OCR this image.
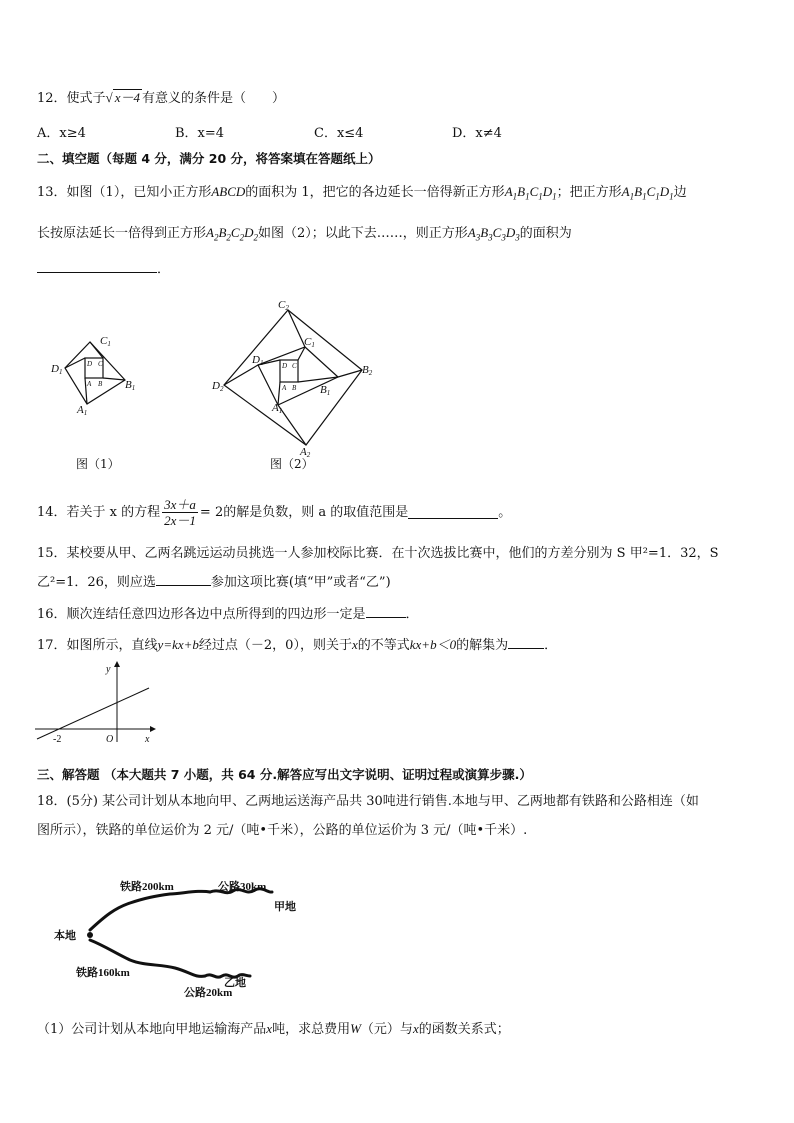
12．使式子√ x－4 有意义的条件是（　　）
A．x≥4	B．x=4	C．x≤4	D．x≠4
二、填空题（每题 4 分，满分 20 分，将答案填在答题纸上）
13．如图（1），已知小正方形ABCD的面积为 1，把它的各边延长一倍得新正方形$A_1B_1C_1D_1$；把正方形$A_1B_1C_1D_1$边
长按原法延长一倍得到正方形$A_2B_2C_2D_2$如图（2）；以此下去……，则正方形$A_3B_3C_3D_3$的面积为
．
C1
D1
B1
A1
D C
A B
图（1）
C2
C1
D1
D2
B2
B1
A1
A2
D C
A B
图（2）
14．若关于 x 的方程 $\frac{3x+a}{2x-1} = 2$ 的解是负数，则 a 的取值范围是	。
15．某校要从甲、乙两名跳远运动员挑选一人参加校际比赛．在十次选拔比赛中，他们的方差分别为 S 甲²=1．32，S
乙²=1．26，则应选	参加这项比赛(填“甲”或者“乙”)
16．顺次连结任意四边形各边中点所得到的四边形一定是	．
17．如图所示，直线y=kx+b经过点（－2，0），则关于x的不等式kx+b＜0的解集为	．
y
x
O
-2
三、解答题 （本大题共 7 小题，共 64 分.解答应写出文字说明、证明过程或演算步骤.）
18．(5分) 某公司计划从本地向甲、乙两地运送海产品共 30吨进行销售.本地与甲、乙两地都有铁路和公路相连（如
图所示），铁路的单位运价为 2 元/（吨•千米），公路的单位运价为 3 元/（吨•千米）.
本地
铁路200km	公路30km
甲地
铁路160km
公路20km
乙地
（1）公司计划从本地向甲地运输海产品x吨，求总费用W（元）与x的函数关系式；
